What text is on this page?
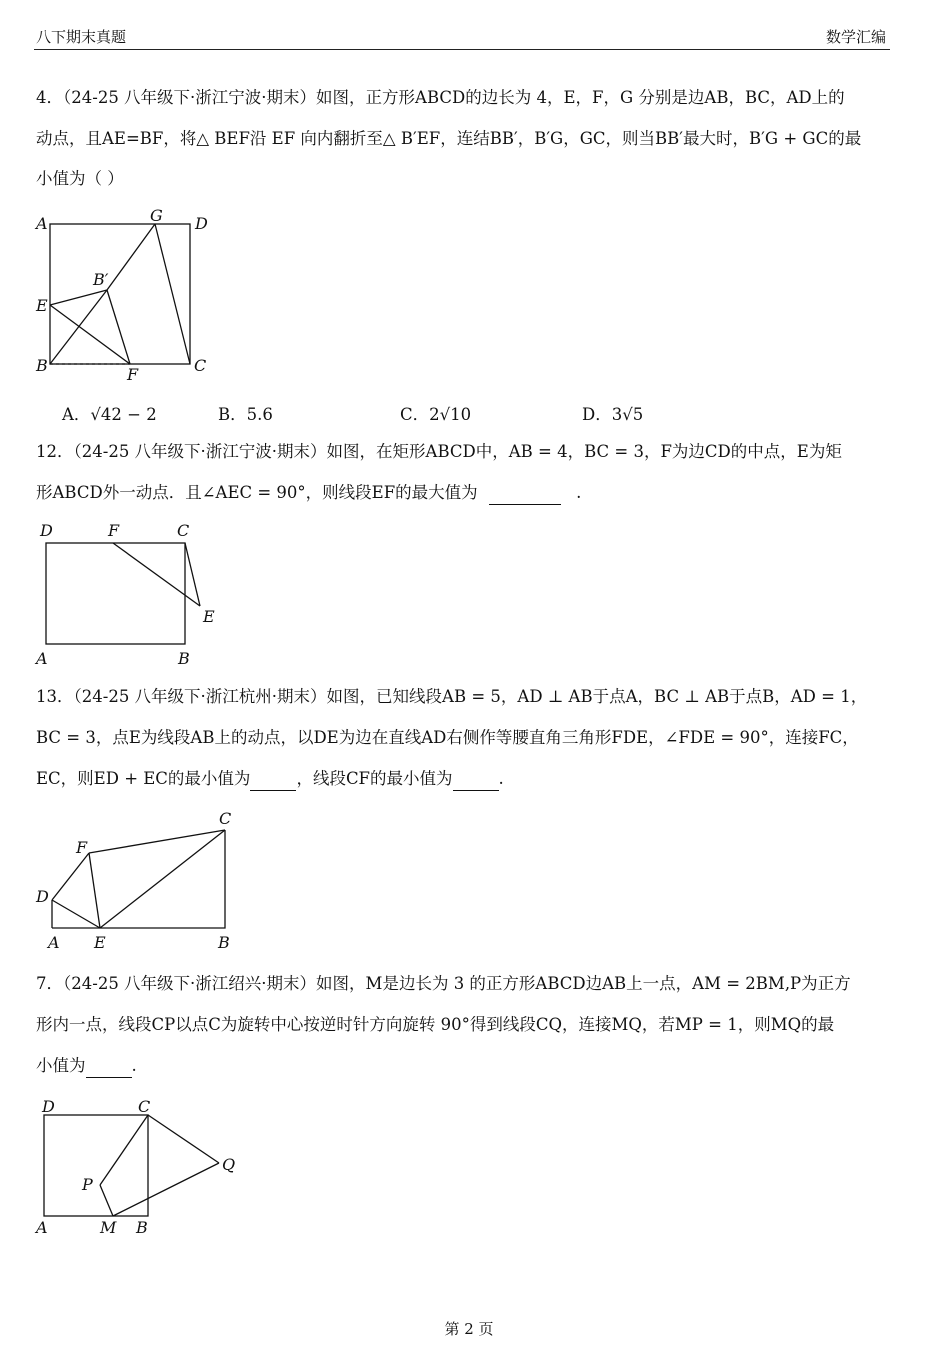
八下期末真题	数学汇编
4．（24-25 八年级下·浙江宁波·期末）如图，正方形ABCD的边长为 4，E，F，G 分别是边AB，BC，AD上的
动点，且AE=BF，将△ BEF沿 EF 向内翻折至△ B′EF，连结BB′，B′G，GC，则当BB′最大时，B′G + GC的最
小值为（ ）
A	G D
B′
E
B	F	C
A．√42 − 2	B．5.6	C．2√10	D．3√5
12．（24-25 八年级下·浙江宁波·期末）如图，在矩形ABCD中，AB = 4，BC = 3，F为边CD的中点，E为矩
形ABCD外一动点．且∠AEC = 90°，则线段EF的最大值为	.
D	F	C
E
A	B
13．（24-25 八年级下·浙江杭州·期末）如图，已知线段AB = 5，AD ⊥ AB于点A，BC ⊥ AB于点B，AD = 1，
BC = 3，点E为线段AB上的动点，以DE为边在直线AD右侧作等腰直角三角形FDE，∠FDE = 90°，连接FC，
EC，则ED + EC的最小值为	，线段CF的最小值为	.
C
F
D
A E	B
7．（24-25 八年级下·浙江绍兴·期末）如图，M是边长为 3 的正方形ABCD边AB上一点，AM = 2BM,P为正方
形内一点，线段CP以点C为旋转中心按逆时针方向旋转 90°得到线段CQ，连接MQ，若MP = 1，则MQ的最
小值为	.
D	C
Q
P
A	M B
第 2 页
